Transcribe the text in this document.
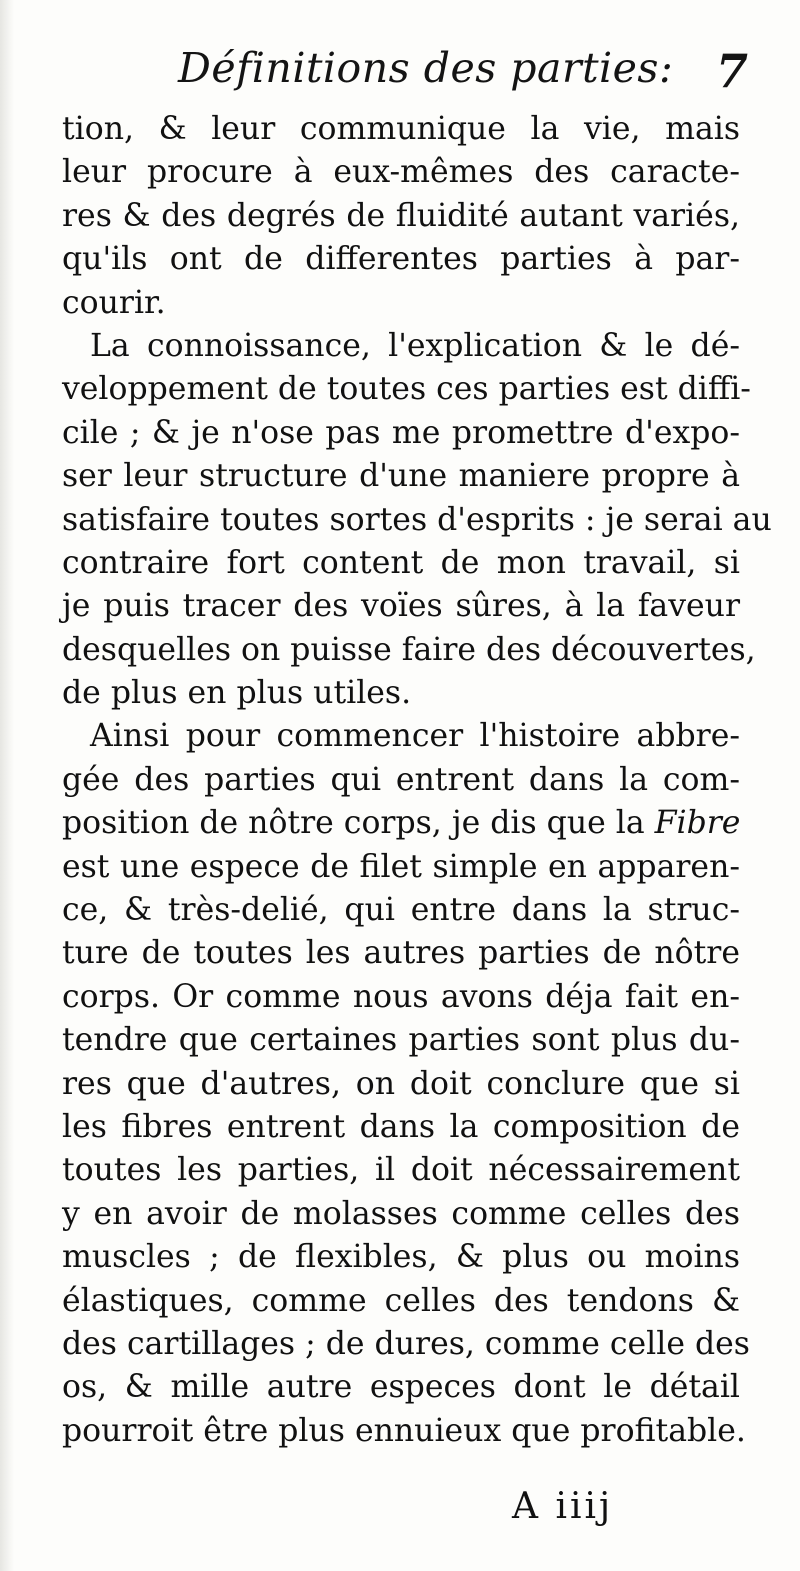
Définitions des parties: 7
tion, & leur communique la vie, mais
leur procure à eux-mêmes des caracte-
res & des degrés de fluidité autant variés,
qu'ils ont de differentes parties à par-
courir.
La connoissance, l'explication & le dé-
veloppement de toutes ces parties est diffi-
cile ; & je n'ose pas me promettre d'expo-
ser leur structure d'une maniere propre à
satisfaire toutes sortes d'esprits : je serai au
contraire fort content de mon travail, si
je puis tracer des voïes sûres, à la faveur
desquelles on puisse faire des découvertes,
de plus en plus utiles.
Ainsi pour commencer l'histoire abbre-
gée des parties qui entrent dans la com-
position de nôtre corps, je dis que la Fibre
est une espece de filet simple en apparen-
ce, & très-delié, qui entre dans la struc-
ture de toutes les autres parties de nôtre
corps. Or comme nous avons déja fait en-
tendre que certaines parties sont plus du-
res que d'autres, on doit conclure que si
les fibres entrent dans la composition de
toutes les parties, il doit nécessairement
y en avoir de molasses comme celles des
muscles ; de flexibles, & plus ou moins
élastiques, comme celles des tendons &
des cartillages ; de dures, comme celle des
os, & mille autre especes dont le détail
pourroit être plus ennuieux que profitable.
A iiij
